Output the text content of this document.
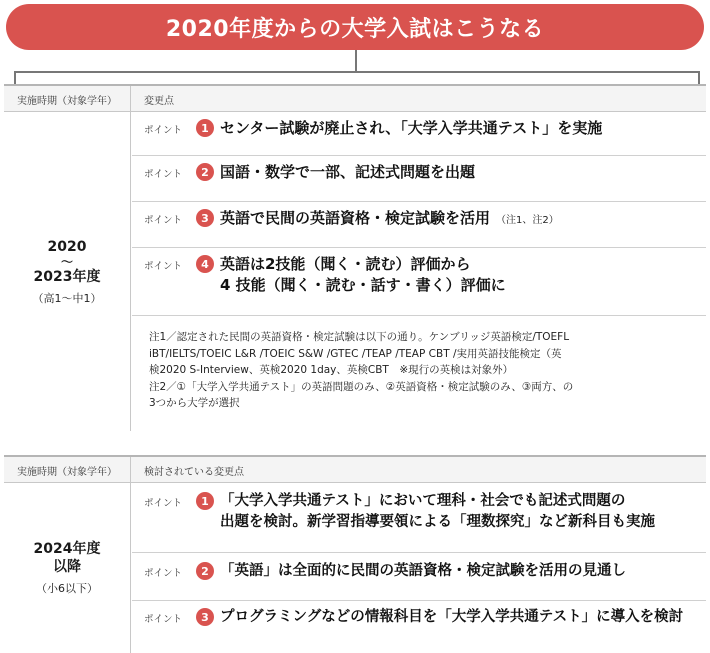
2020年度からの大学入試はこうなる
実施時期（対象学年）	変更点
2020
〜
2023年度
（高1〜中1）
ポイント	1 センター試験が廃止され、「大学入学共通テスト」を実施
ポイント	2 国語・数学で一部、記述式問題を出題
ポイント	3 英語で民間の英語資格・検定試験を活用 （注1、注2）
ポイント	4 英語は2技能（聞く・読む）評価から
4 技能（聞く・読む・話す・書く）評価に

注1／認定された民間の英語資格・検定試験は以下の通り。ケンブリッジ英語検定/TOEFL

iBT/IELTS/TOEIC L&R /TOEIC S&W /GTEC /TEAP /TEAP CBT /実用英語技能検定（英

検2020 S-Interview、英検2020 1day、英検CBT　※現行の英検は対象外）

注2／①「大学入学共通テスト」の英語問題のみ、②英語資格・検定試験のみ、③両方、の

3つから大学が選択

実施時期（対象学年）	検討されている変更点
2024年度
以降
（小6以下）
ポイント	1 「大学入学共通テスト」において理科・社会でも記述式問題の
出題を検討。新学習指導要領による「理数探究」など新科目も実施
ポイント	2 「英語」は全面的に民間の英語資格・検定試験を活用の見通し
ポイント	3 プログラミングなどの情報科目を「大学入学共通テスト」に導入を検討
